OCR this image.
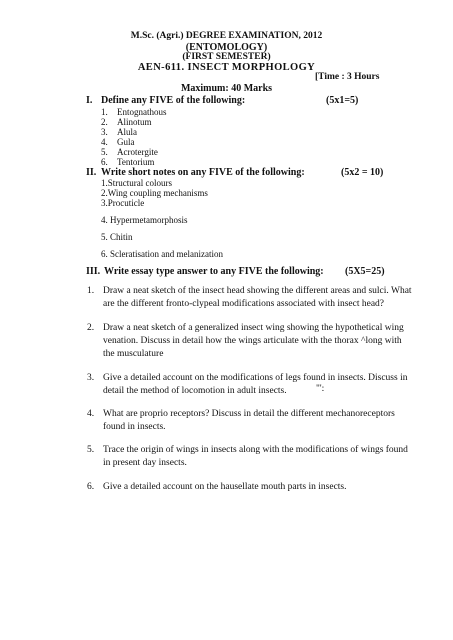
M.Sc. (Agri.) DEGREE EXAMINATION, 2012
(ENTOMOLOGY)
(FIRST SEMESTER)
AEN-611. INSECT MORPHOLOGY
[Time : 3 Hours
Maximum: 40 Marks
I. Define any FIVE of the following:	(5x1=5)
1. Entognathous
2. Alinotum
3. Alula
4. Gula
5. Acrotergite
6. Tentorium
II. Write short notes on any FIVE of the following:	(5x2 = 10)
1.Structural colours
2.Wing coupling mechanisms
3.Procuticle
4. Hypermetamorphosis
5. Chitin
6. Scleratisation and melanization
III. Write essay type answer to any FIVE the following: (5X5=25)
1. Draw a neat sketch of the insect head showing the different areas and sulci. What
are the different fronto-clypeal modifications associated with insect head?
2. Draw a neat sketch of a generalized insect wing showing the hypothetical wing
venation. Discuss in detail how the wings articulate with the thorax ^long with
the musculature
3. Give a detailed account on the modifications of legs found in insects. Discuss in
detail the method of locomotion in adult insects.	"':
4. What are proprio receptors? Discuss in detail the different mechanoreceptors
found in insects.
5. Trace the origin of wings in insects along with the modifications of wings found
in present day insects.
6. Give a detailed account on the hausellate mouth parts in insects.
